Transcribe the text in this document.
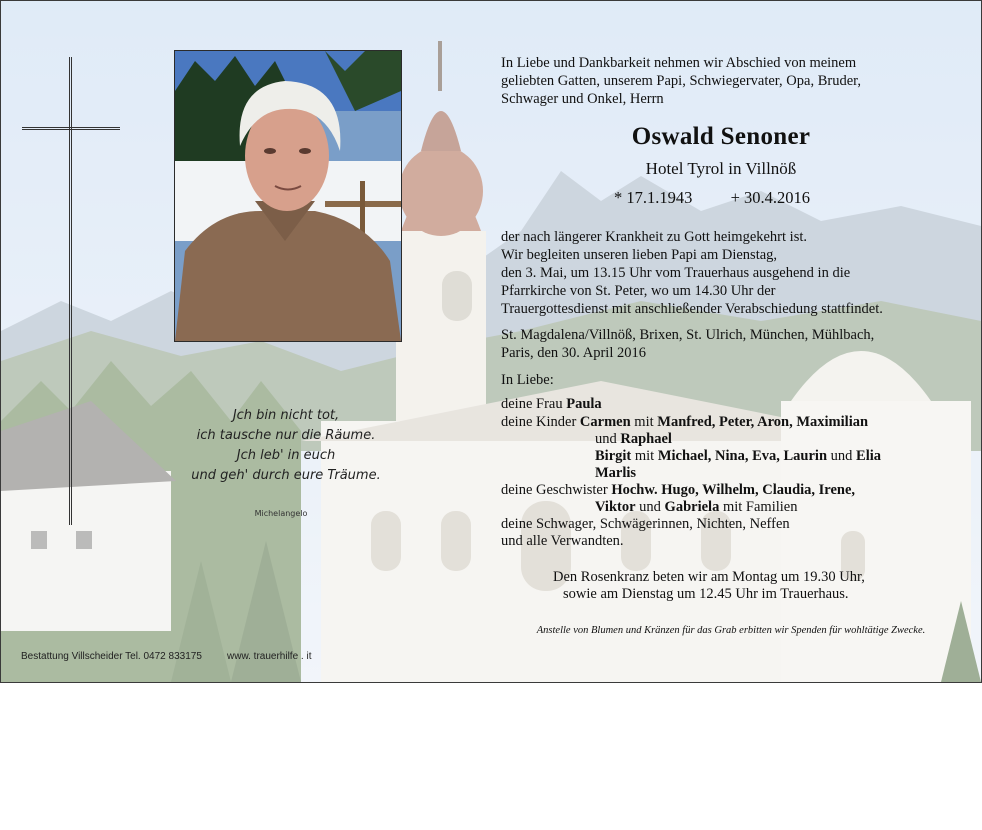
Jch bin nicht tot,
ich tausche nur die Räume.
Jch leb' in euch
und geh' durch eure Träume.
Michelangelo
In Liebe und Dankbarkeit nehmen wir Abschied von meinem
geliebten Gatten, unserem Papi, Schwiegervater, Opa, Bruder,
Schwager und Onkel, Herrn
Oswald Senoner
Hotel Tyrol in Villnöß
* 17.1.1943 + 30.4.2016
der nach längerer Krankheit zu Gott heimgekehrt ist.
Wir begleiten unseren lieben Papi am Dienstag,
den 3. Mai, um 13.15 Uhr vom Trauerhaus ausgehend in die
Pfarrkirche von St. Peter, wo um 14.30 Uhr der
Trauergottesdienst mit anschließender Verabschiedung stattfindet.
St. Magdalena/Villnöß, Brixen, St. Ulrich, München, Mühlbach,
Paris, den 30. April 2016
In Liebe:
deine Frau Paula
deine Kinder Carmen mit Manfred, Peter, Aron, Maximilian
und Raphael
Birgit mit Michael, Nina, Eva, Laurin und Elia
Marlis
deine Geschwister Hochw. Hugo, Wilhelm, Claudia, Irene,
Viktor und Gabriela mit Familien
deine Schwager, Schwägerinnen, Nichten, Neffen
und alle Verwandten.
Den Rosenkranz beten wir am Montag um 19.30 Uhr,
sowie am Dienstag um 12.45 Uhr im Trauerhaus.
Anstelle von Blumen und Kränzen für das Grab erbitten wir Spenden für wohltätige Zwecke.
Bestattung Villscheider Tel. 0472 833175	www. trauerhilfe . it
